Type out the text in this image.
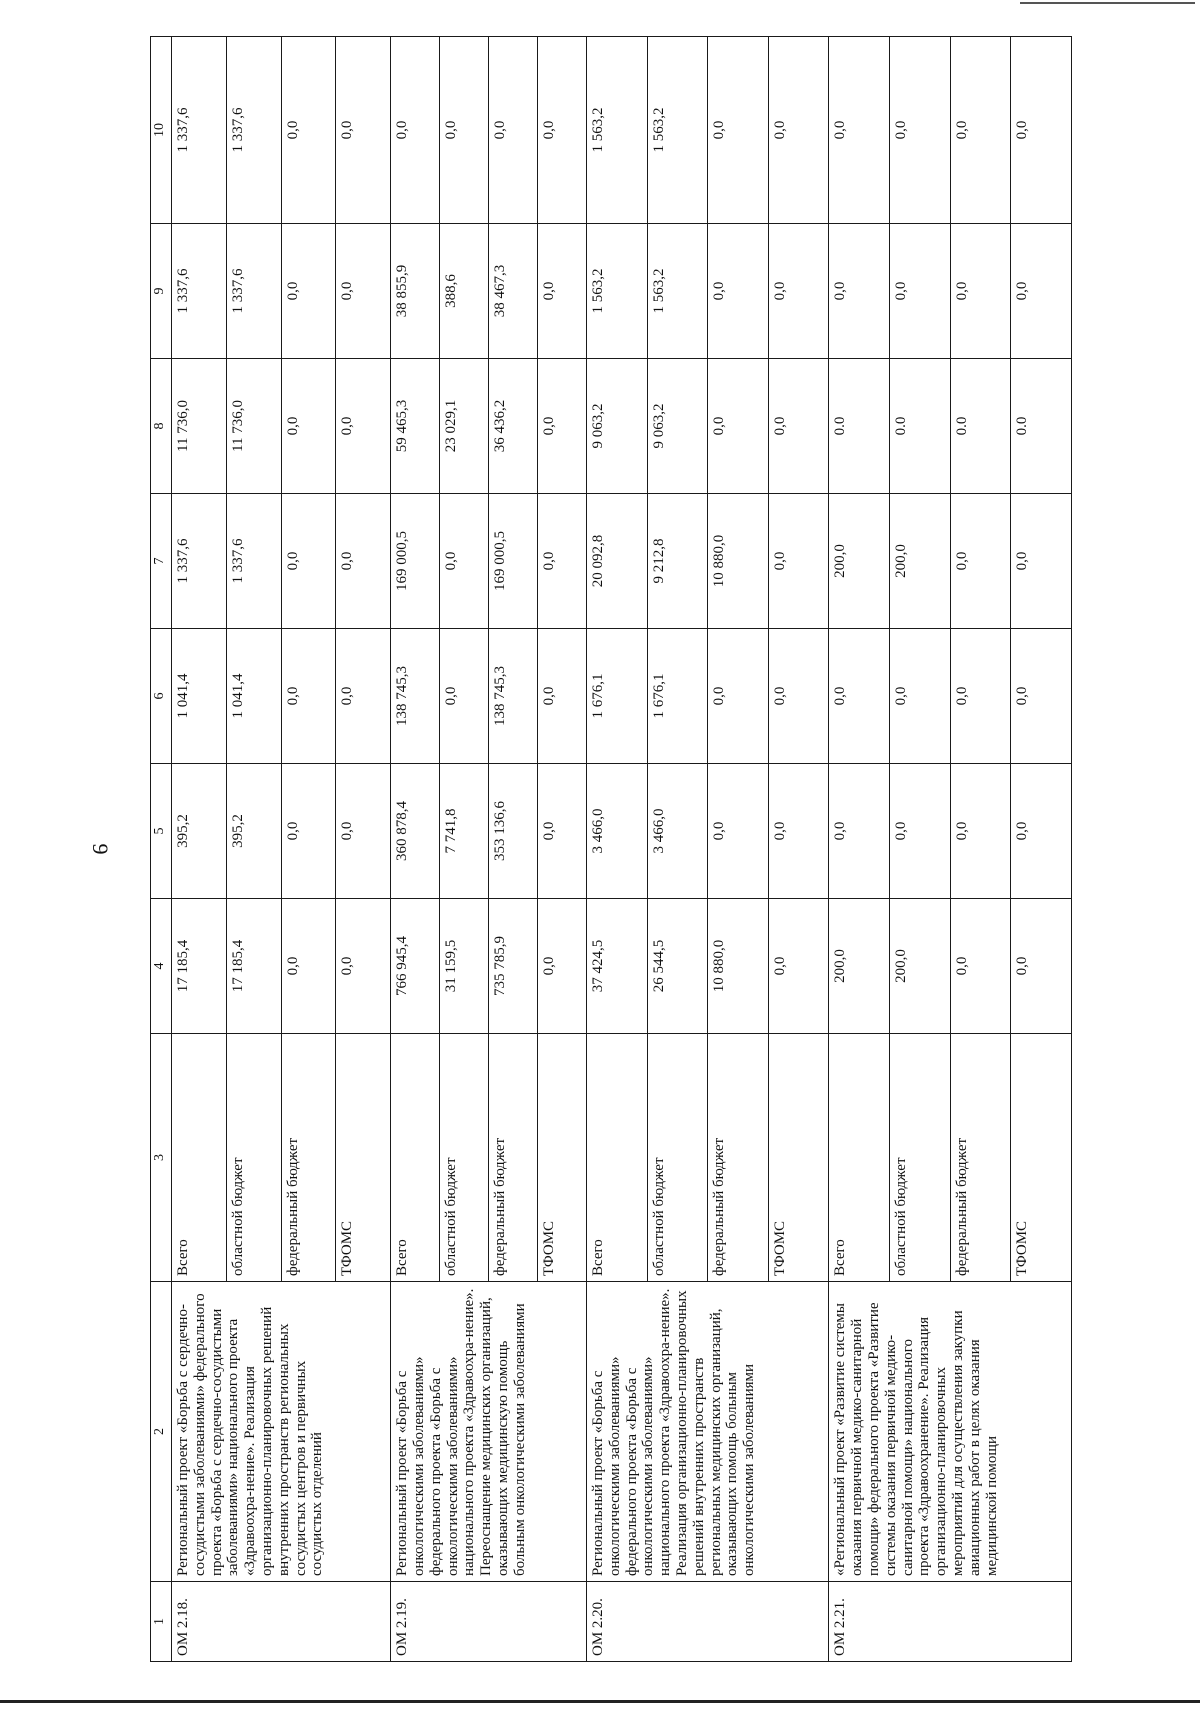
9
1	2	3	4	5	6	7	8	9	10
ОМ 2.18.	Региональный проект «Борьба с сердечно-сосудистыми заболеваниями» федерального проекта «Борьба с сердечно-сосудистыми заболеваниями» национального проекта «Здравоохра-нение». Реализация организационно-планировочных решений внутренних пространств региональных сосудистых центров и первичных сосудистых отделений	Всего	17 185,4	395,2	1 041,4	1 337,6	11 736,0	1 337,6	1 337,6
		областной бюджет	17 185,4	395,2	1 041,4	1 337,6	11 736,0	1 337,6	1 337,6
		федеральный бюджет	0,0	0,0	0,0	0,0	0,0	0,0	0,0
		ТФОМС	0,0	0,0	0,0	0,0	0,0	0,0	0,0
ОМ 2.19.	Региональный проект «Борьба с онкологическими заболеваниями» федерального проекта «Борьба с онкологическими заболеваниями» национального проекта «Здравоохра-нение». Переоснащение медицинских организаций, оказывающих медицинскую помощь больным онкологическими заболеваниями	Всего	766 945,4	360 878,4	138 745,3	169 000,5	59 465,3	38 855,9	0,0
		областной бюджет	31 159,5	7 741,8	0,0	0,0	23 029,1	388,6	0,0
		федеральный бюджет	735 785,9	353 136,6	138 745,3	169 000,5	36 436,2	38 467,3	0,0
		ТФОМС	0,0	0,0	0,0	0,0	0,0	0,0	0,0
ОМ 2.20.	Региональный проект «Борьба с онкологическими заболеваниями» федерального проекта «Борьба с онкологическими заболеваниями» национального проекта «Здравоохра-нение». Реализация организационно-планировочных решений внутренних пространств региональных медицинских организаций, оказывающих помощь больным онкологическими заболеваниями	Всего	37 424,5	3 466,0	1 676,1	20 092,8	9 063,2	1 563,2	1 563,2
		областной бюджет	26 544,5	3 466,0	1 676,1	9 212,8	9 063,2	1 563,2	1 563,2
		федеральный бюджет	10 880,0	0,0	0,0	10 880,0	0,0	0,0	0,0
		ТФОМС	0,0	0,0	0,0	0,0	0,0	0,0	0,0
ОМ 2.21.	«Региональный проект «Развитие системы оказания первичной медико-санитарной помощи» федерального проекта «Развитие системы оказания первичной медико-санитарной помощи» национального проекта «Здравоохранение». Реализация организационно-планировочных мероприятий для осуществления закупки авиационных работ в целях оказания медицинской помощи	Всего	200,0	0,0	0,0	200,0	0.0	0,0	0,0
		областной бюджет	200,0	0,0	0,0	200,0	0.0	0,0	0,0
		федеральный бюджет	0,0	0,0	0,0	0,0	0.0	0,0	0,0
		ТФОМС	0,0	0,0	0,0	0,0	0.0	0,0	0,0
